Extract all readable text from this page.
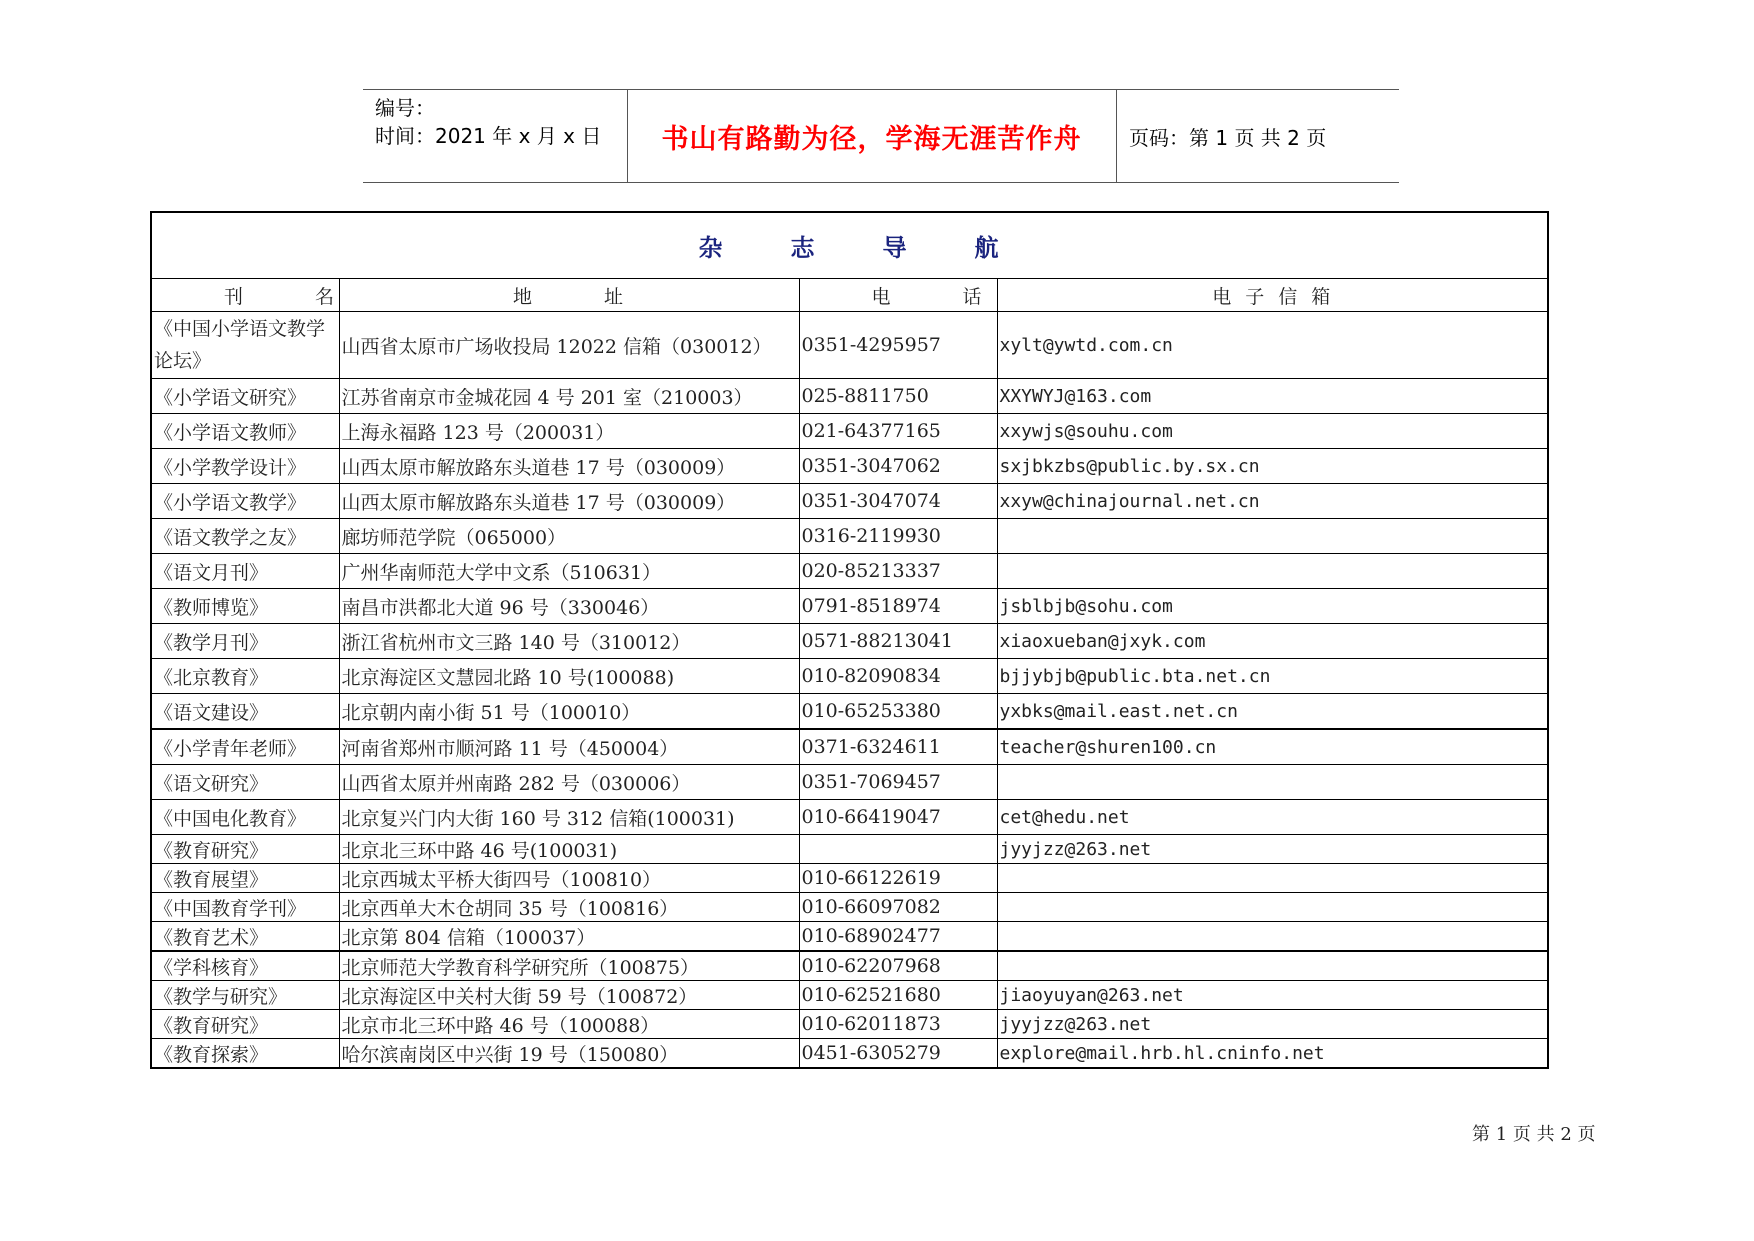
编号：
时间：2021 年 x 月 x 日	书山有路勤为径，学海无涯苦作舟	页码：第 1 页 共 2 页
杂志导航			
刊名	地址	电话	电子信箱
《中国小学语文教学论坛》	山西省太原市广场收投局 12022 信箱（030012）	0351-4295957	xylt@ywtd.com.cn
《小学语文研究》	江苏省南京市金城花园 4 号 201 室（210003）	025-8811750	XXYWYJ@163.com
《小学语文教师》	上海永福路 123 号（200031）	021-64377165	xxywjs@souhu.com
《小学教学设计》	山西太原市解放路东头道巷 17 号（030009）	0351-3047062	sxjbkzbs@public.by.sx.cn
《小学语文教学》	山西太原市解放路东头道巷 17 号（030009）	0351-3047074	xxyw@chinajournal.net.cn
《语文教学之友》	廊坊师范学院（065000）	0316-2119930	
《语文月刊》	广州华南师范大学中文系（510631）	020-85213337	
《教师博览》	南昌市洪都北大道 96 号（330046）	0791-8518974	jsblbjb@sohu.com
《教学月刊》	浙江省杭州市文三路 140 号（310012）	0571-88213041	xiaoxueban@jxyk.com
《北京教育》	北京海淀区文慧园北路 10 号(100088)	010-82090834	bjjybjb@public.bta.net.cn
《语文建设》	北京朝内南小街 51 号（100010）	010-65253380	yxbks@mail.east.net.cn
《小学青年老师》	河南省郑州市顺河路 11 号（450004）	0371-6324611	teacher@shuren100.cn
《语文研究》	山西省太原并州南路 282 号（030006）	0351-7069457	
《中国电化教育》	北京复兴门内大街 160 号 312 信箱(100031)	010-66419047	cet@hedu.net
《教育研究》	北京北三环中路 46 号(100031)		jyyjzz@263.net
《教育展望》	北京西城太平桥大街四号（100810）	010-66122619	
《中国教育学刊》	北京西单大木仓胡同 35 号（100816）	010-66097082	
《教育艺术》	北京第 804 信箱（100037）	010-68902477	
《学科核育》	北京师范大学教育科学研究所（100875）	010-62207968	
《教学与研究》	北京海淀区中关村大街 59 号（100872）	010-62521680	jiaoyuyan@263.net
《教育研究》	北京市北三环中路 46 号（100088）	010-62011873	jyyjzz@263.net
《教育探索》	哈尔滨南岗区中兴街 19 号（150080）	0451-6305279	explore@mail.hrb.hl.cninfo.net
第 1 页 共 2 页
